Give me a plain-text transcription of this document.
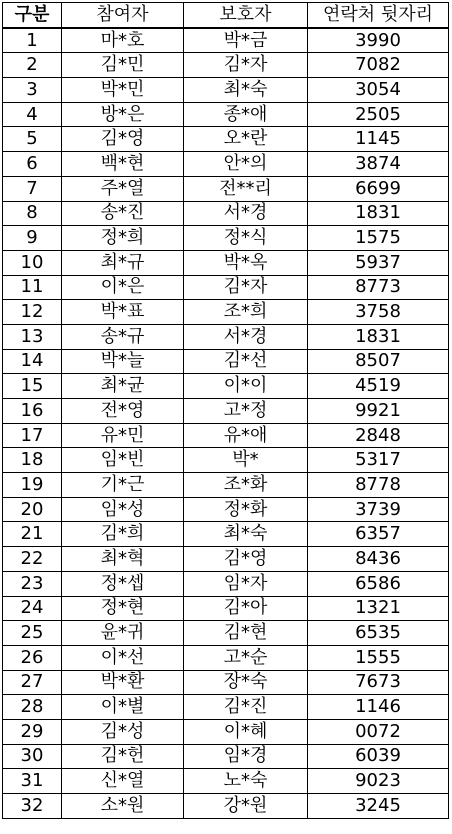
구분	참여자	보호자	연락처 뒷자리
1	마*호	박*금	3990
2	김*민	김*자	7082
3	박*민	최*숙	3054
4	방*은	종*애	2505
5	김*영	오*란	1145
6	백*현	안*의	3874
7	주*열	전**리	6699
8	송*진	서*경	1831
9	정*희	정*식	1575
10	최*규	박*옥	5937
11	이*은	김*자	8773
12	박*표	조*희	3758
13	송*규	서*경	1831
14	박*늘	김*선	8507
15	최*균	이*이	4519
16	전*영	고*정	9921
17	유*민	유*애	2848
18	임*빈	박*	5317
19	기*근	조*화	8778
20	임*성	정*화	3739
21	김*희	최*숙	6357
22	최*혁	김*영	8436
23	정*셉	임*자	6586
24	정*현	김*아	1321
25	윤*귀	김*현	6535
26	이*선	고*순	1555
27	박*환	장*숙	7673
28	이*별	김*진	1146
29	김*성	이*혜	0072
30	김*헌	임*경	6039
31	신*열	노*숙	9023
32	소*원	강*원	3245
